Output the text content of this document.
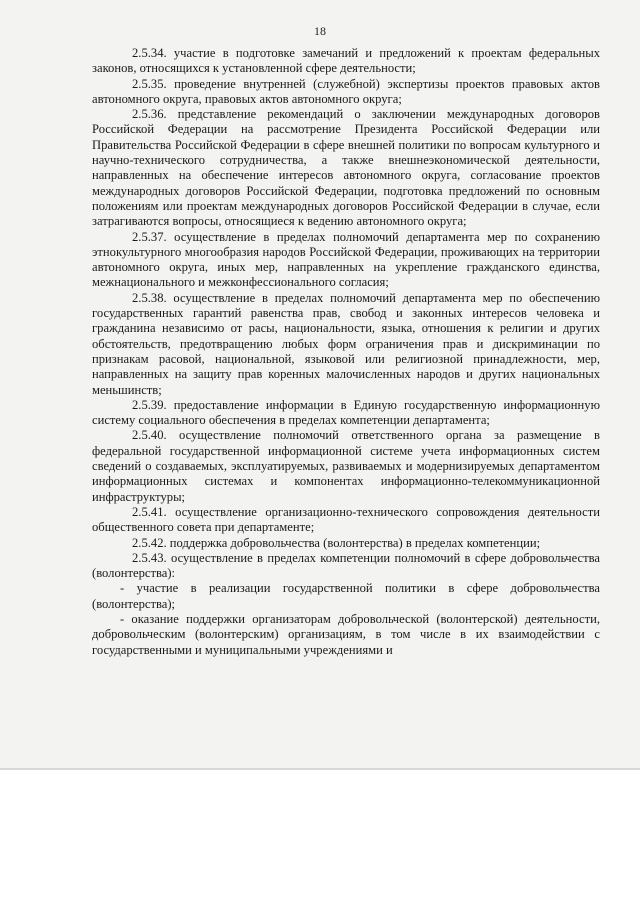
18

2.5.34. участие в подготовке замечаний и предложений к проектам федеральных законов, относящихся к установленной сфере деятельности;

2.5.35. проведение внутренней (служебной) экспертизы проектов правовых актов автономного округа, правовых актов автономного округа;

2.5.36. представление рекомендаций о заключении международных договоров Российской Федерации на рассмотрение Президента Российской Федерации или Правительства Российской Федерации в сфере внешней политики по вопросам культурного и научно-технического сотрудничества, а также внешнеэкономической деятельности, направленных на обеспечение интересов автономного округа, согласование проектов международных договоров Российской Федерации, подготовка предложений по основным положениям или проектам международных договоров Российской Федерации в случае, если затрагиваются вопросы, относящиеся к ведению автономного округа;

2.5.37. осуществление в пределах полномочий департамента мер по сохранению этнокультурного многообразия народов Российской Федерации, проживающих на территории автономного округа, иных мер, направленных на укрепление гражданского единства, межнационального и межконфессионального согласия;

2.5.38. осуществление в пределах полномочий департамента мер по обеспечению государственных гарантий равенства прав, свобод и законных интересов человека и гражданина независимо от расы, национальности, языка, отношения к религии и других обстоятельств, предотвращению любых форм ограничения прав и дискриминации по признакам расовой, национальной, языковой или религиозной принадлежности, мер, направленных на защиту прав коренных малочисленных народов и других национальных меньшинств;

2.5.39. предоставление информации в Единую государственную информационную систему социального обеспечения в пределах компетенции департамента;

2.5.40. осуществление полномочий ответственного органа за размещение в федеральной государственной информационной системе учета информационных систем сведений о создаваемых, эксплуатируемых, развиваемых и модернизируемых департаментом информационных системах и компонентах информационно-телекоммуникационной инфраструктуры;

2.5.41. осуществление организационно-технического сопровождения деятельности общественного совета при департаменте;

2.5.42. поддержка добровольчества (волонтерства) в пределах компетенции;

2.5.43. осуществление в пределах компетенции полномочий в сфере добровольчества (волонтерства):

- участие в реализации государственной политики в сфере добровольчества (волонтерства);

- оказание поддержки организаторам добровольческой (волонтерской) деятельности, добровольческим (волонтерским) организациям, в том числе в их взаимодействии с государственными и муниципальными учреждениями и
